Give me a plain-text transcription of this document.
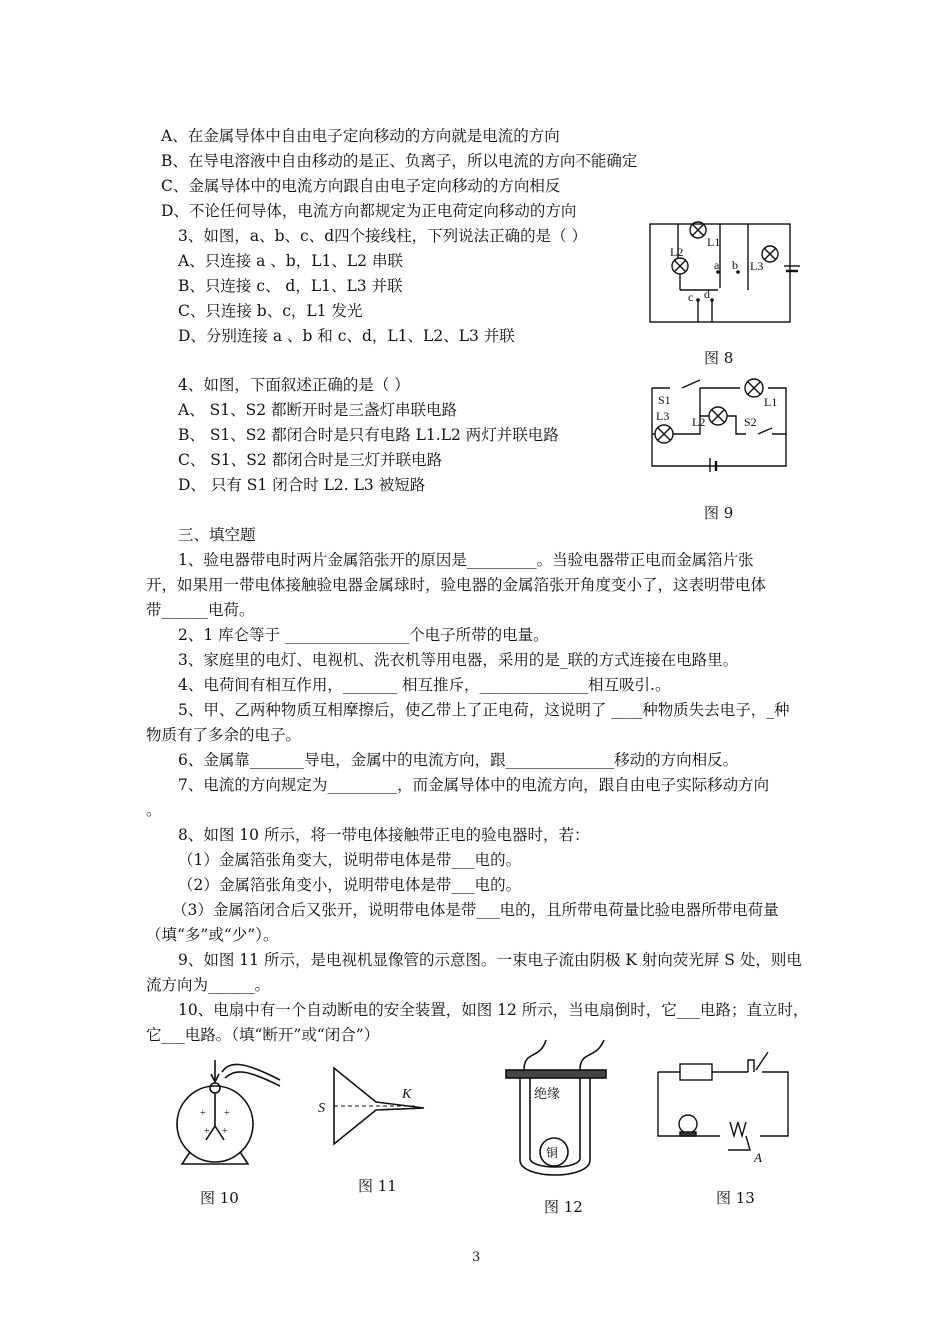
A、在金属导体中自由电子定向移动的方向就是电流的方向
B、在导电溶液中自由移动的是正、负离子，所以电流的方向不能确定
C、金属导体中的电流方向跟自由电子定向移动的方向相反
D、不论任何导体，电流方向都规定为正电荷定向移动的方向
3、如图，a、b、c、d四个接线柱，下列说法正确的是（ ）
A、只连接 a 、b，L1、L2 串联
B、只连接 c、 d，L1、L3 并联
C、只连接 b、c，L1 发光
D、分别连接 a 、b 和 c、d，L1、L2、L3 并联
L1
L2
L3
a b
c d
图 8
4、如图，下面叙述正确的是（ ）
A、 S1、S2 都断开时是三盏灯串联电路
B、 S1、S2 都闭合时是只有电路 L1.L2 两灯并联电路
C、 S1、S2 都闭合时是三灯并联电路
D、 只有 S1 闭合时 L2. L3 被短路
S1	L1
L2
L3	S2
图 9
三、填空题
1、验电器带电时两片金属箔张开的原因是_________。当验电器带正电而金属箔片张
开，如果用一带电体接触验电器金属球时，验电器的金属箔张开角度变小了，这表明带电体
带______电荷。
2、1 库仑等于 ________________个电子所带的电量。
3、家庭里的电灯、电视机、洗衣机等用电器，采用的是_联的方式连接在电路里。
4、电荷间有相互作用，_______ 相互推斥，______________相互吸引.。
5、甲、乙两种物质互相摩擦后，使乙带上了正电荷，这说明了 ____种物质失去电子，_种
物质有了多余的电子。
6、金属靠_______导电，金属中的电流方向，跟______________移动的方向相反。
7、电流的方向规定为_________，而金属导体中的电流方向，跟自由电子实际移动方向
。
8、如图 10 所示，将一带电体接触带正电的验电器时，若：
（1）金属箔张角变大，说明带电体是带___电的。
（2）金属箔张角变小，说明带电体是带___电的。
（3）金属箔闭合后又张开，说明带电体是带___电的，且所带电荷量比验电器所带电荷量
（填“多”或“少”）。
9、如图 11 所示，是电视机显像管的示意图。一束电子流由阴极 K 射向荧光屏 S 处，则电
流方向为______。
10、电扇中有一个自动断电的安全装置，如图 12 所示，当电扇倒时，它___电路；直立时，
它___电路。（填“断开”或“闭合”）
+ +
+ +
图 10
S
K
图 11
绝缘
铜
图 12
A
图 13
3
